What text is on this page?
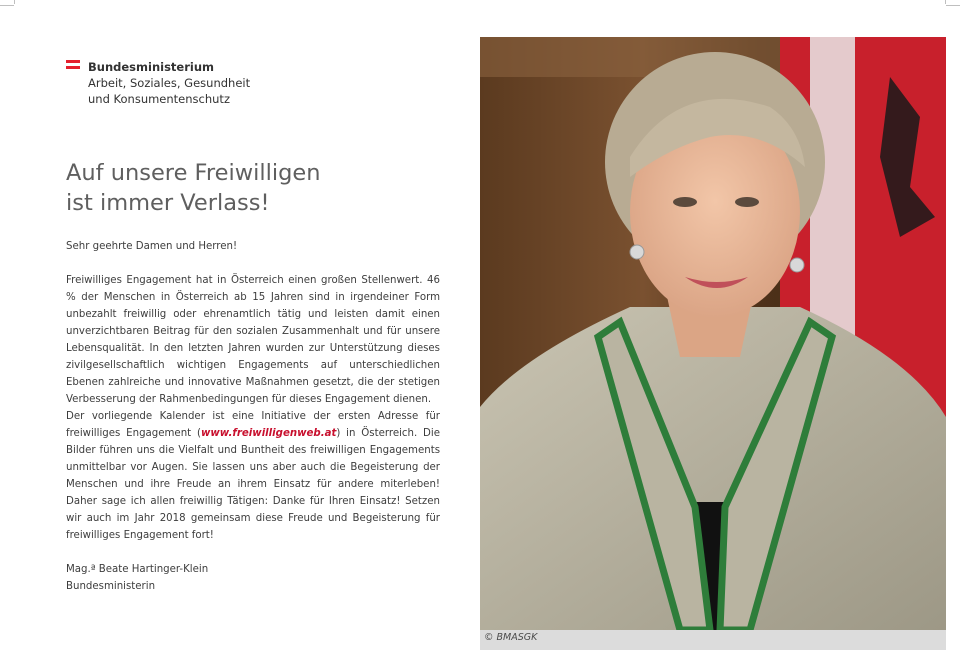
Bundesministerium
Arbeit, Soziales, Gesundheit
und Konsumentenschutz
Auf unsere Freiwilligen
ist immer Verlass!

Sehr geehrte Damen und Herren!

Freiwilliges Engagement hat in Österreich einen großen Stellenwert. 46 % der Menschen in Österreich ab 15 Jahren sind in irgendeiner Form unbezahlt freiwillig oder ehrenamtlich tätig und leisten damit einen unverzichtbaren Beitrag für den sozialen Zusammenhalt und für unsere Lebensqualität. In den letzten Jahren wurden zur Unterstützung dieses zivilgesellschaftlich wichtigen Engagements auf unterschiedlichen Ebenen zahlreiche und innovative Maßnahmen gesetzt, die der stetigen Verbesserung der Rahmenbedingungen für dieses Engagement dienen.

Der vorliegende Kalender ist eine Initiative der ersten Adresse für freiwilliges Engagement (www.freiwilligenweb.at) in Österreich. Die Bilder führen uns die Vielfalt und Buntheit des freiwilligen Engagements unmittelbar vor Augen. Sie lassen uns aber auch die Begeisterung der Menschen und ihre Freude an ihrem Einsatz für andere miterleben! Daher sage ich allen freiwillig Tätigen: Danke für Ihren Einsatz! Setzen wir auch im Jahr 2018 gemeinsam diese Freude und Begeisterung für freiwilliges Engagement fort!

Mag.ª Beate Hartinger-Klein

Bundesministerin

© BMASGK
